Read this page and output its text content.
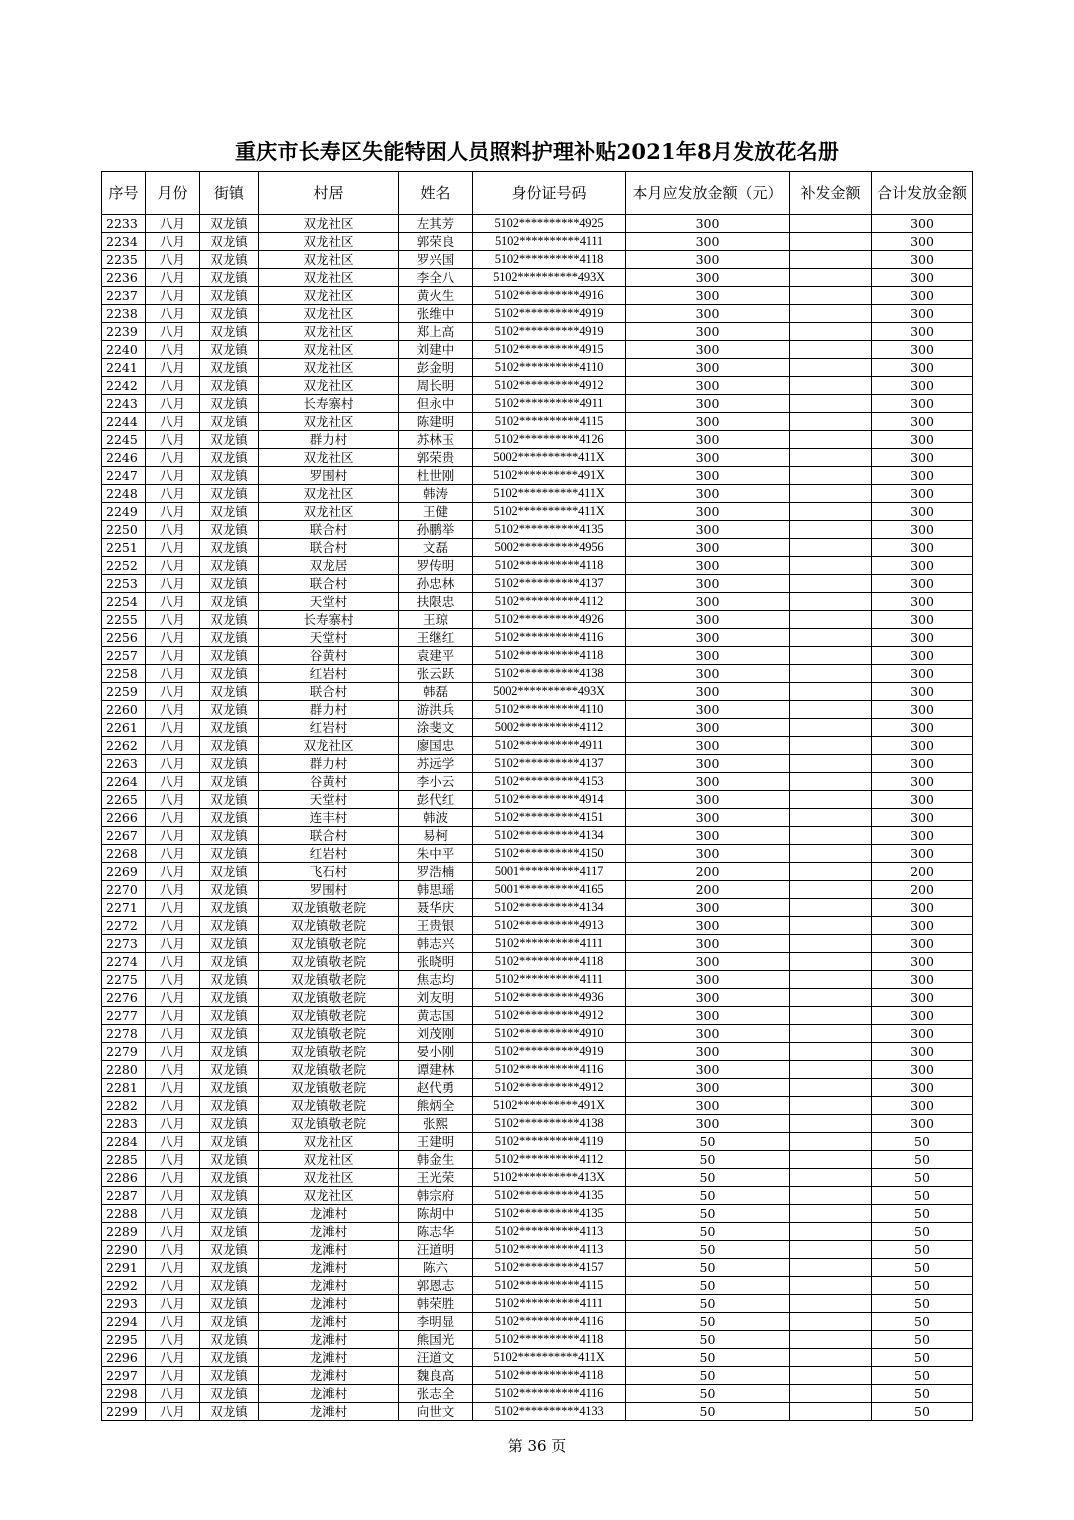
重庆市长寿区失能特困人员照料护理补贴2021年8月发放花名册
序号	月份	街镇	村居	姓名	身份证号码	本月应发放金额（元）	补发金额	合计发放金额
2233	八月	双龙镇	双龙社区	左其芳	5102**********4925	300		300
2234	八月	双龙镇	双龙社区	郭荣良	5102**********4111	300		300
2235	八月	双龙镇	双龙社区	罗兴国	5102**********4118	300		300
2236	八月	双龙镇	双龙社区	李全八	5102**********493X	300		300
2237	八月	双龙镇	双龙社区	黄火生	5102**********4916	300		300
2238	八月	双龙镇	双龙社区	张维中	5102**********4919	300		300
2239	八月	双龙镇	双龙社区	郑上高	5102**********4919	300		300
2240	八月	双龙镇	双龙社区	刘建中	5102**********4915	300		300
2241	八月	双龙镇	双龙社区	彭金明	5102**********4110	300		300
2242	八月	双龙镇	双龙社区	周长明	5102**********4912	300		300
2243	八月	双龙镇	长寿寨村	但永中	5102**********4911	300		300
2244	八月	双龙镇	双龙社区	陈建明	5102**********4115	300		300
2245	八月	双龙镇	群力村	苏林玉	5102**********4126	300		300
2246	八月	双龙镇	双龙社区	郭荣贵	5002**********411X	300		300
2247	八月	双龙镇	罗围村	杜世刚	5102**********491X	300		300
2248	八月	双龙镇	双龙社区	韩涛	5102**********411X	300		300
2249	八月	双龙镇	双龙社区	王健	5102**********411X	300		300
2250	八月	双龙镇	联合村	孙鹏举	5102**********4135	300		300
2251	八月	双龙镇	联合村	文磊	5002**********4956	300		300
2252	八月	双龙镇	双龙居	罗传明	5102**********4118	300		300
2253	八月	双龙镇	联合村	孙忠林	5102**********4137	300		300
2254	八月	双龙镇	天堂村	扶限忠	5102**********4112	300		300
2255	八月	双龙镇	长寿寨村	王琼	5102**********4926	300		300
2256	八月	双龙镇	天堂村	王继红	5102**********4116	300		300
2257	八月	双龙镇	谷黄村	袁建平	5102**********4118	300		300
2258	八月	双龙镇	红岩村	张云跃	5102**********4138	300		300
2259	八月	双龙镇	联合村	韩磊	5002**********493X	300		300
2260	八月	双龙镇	群力村	游洪兵	5102**********4110	300		300
2261	八月	双龙镇	红岩村	涂斐文	5002**********4112	300		300
2262	八月	双龙镇	双龙社区	廖国忠	5102**********4911	300		300
2263	八月	双龙镇	群力村	苏远学	5102**********4137	300		300
2264	八月	双龙镇	谷黄村	李小云	5102**********4153	300		300
2265	八月	双龙镇	天堂村	彭代红	5102**********4914	300		300
2266	八月	双龙镇	连丰村	韩波	5102**********4151	300		300
2267	八月	双龙镇	联合村	易柯	5102**********4134	300		300
2268	八月	双龙镇	红岩村	朱中平	5102**********4150	300		300
2269	八月	双龙镇	飞石村	罗浩楠	5001**********4117	200		200
2270	八月	双龙镇	罗围村	韩思瑶	5001**********4165	200		200
2271	八月	双龙镇	双龙镇敬老院	聂华庆	5102**********4134	300		300
2272	八月	双龙镇	双龙镇敬老院	王贵银	5102**********4913	300		300
2273	八月	双龙镇	双龙镇敬老院	韩志兴	5102**********4111	300		300
2274	八月	双龙镇	双龙镇敬老院	张晓明	5102**********4118	300		300
2275	八月	双龙镇	双龙镇敬老院	焦志均	5102**********4111	300		300
2276	八月	双龙镇	双龙镇敬老院	刘友明	5102**********4936	300		300
2277	八月	双龙镇	双龙镇敬老院	黄志国	5102**********4912	300		300
2278	八月	双龙镇	双龙镇敬老院	刘茂刚	5102**********4910	300		300
2279	八月	双龙镇	双龙镇敬老院	晏小刚	5102**********4919	300		300
2280	八月	双龙镇	双龙镇敬老院	谭建林	5102**********4116	300		300
2281	八月	双龙镇	双龙镇敬老院	赵代勇	5102**********4912	300		300
2282	八月	双龙镇	双龙镇敬老院	熊炳全	5102**********491X	300		300
2283	八月	双龙镇	双龙镇敬老院	张熙	5102**********4138	300		300
2284	八月	双龙镇	双龙社区	王建明	5102**********4119	50		50
2285	八月	双龙镇	双龙社区	韩金生	5102**********4112	50		50
2286	八月	双龙镇	双龙社区	王光荣	5102**********413X	50		50
2287	八月	双龙镇	双龙社区	韩宗府	5102**********4135	50		50
2288	八月	双龙镇	龙滩村	陈胡中	5102**********4135	50		50
2289	八月	双龙镇	龙滩村	陈志华	5102**********4113	50		50
2290	八月	双龙镇	龙滩村	汪道明	5102**********4113	50		50
2291	八月	双龙镇	龙滩村	陈六	5102**********4157	50		50
2292	八月	双龙镇	龙滩村	郭恩志	5102**********4115	50		50
2293	八月	双龙镇	龙滩村	韩荣胜	5102**********4111	50		50
2294	八月	双龙镇	龙滩村	李明显	5102**********4116	50		50
2295	八月	双龙镇	龙滩村	熊国光	5102**********4118	50		50
2296	八月	双龙镇	龙滩村	汪道文	5102**********411X	50		50
2297	八月	双龙镇	龙滩村	魏良高	5102**********4118	50		50
2298	八月	双龙镇	龙滩村	张志全	5102**********4116	50		50
2299	八月	双龙镇	龙滩村	向世文	5102**********4133	50		50
第 36 页
